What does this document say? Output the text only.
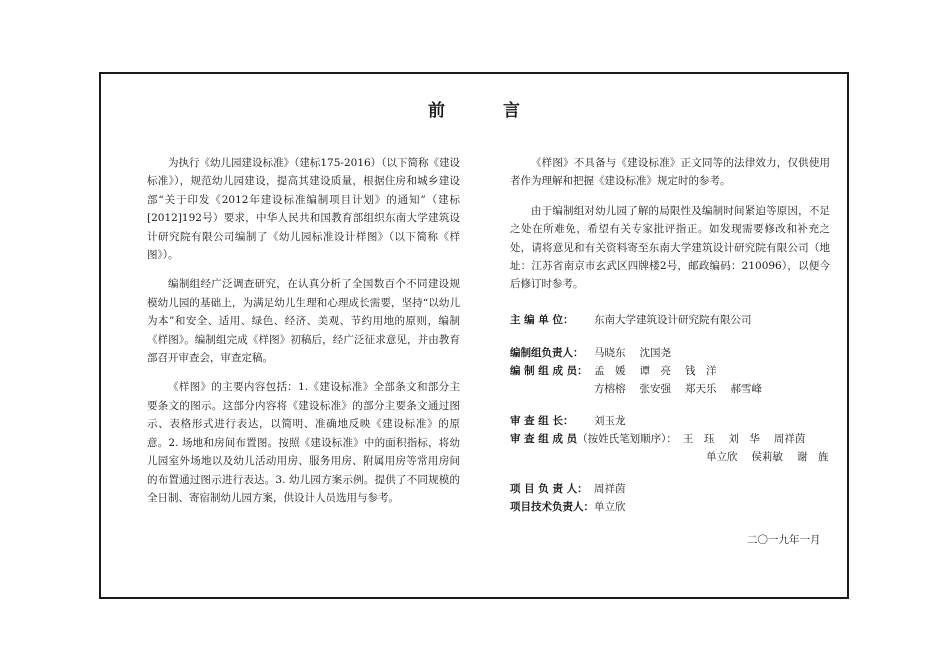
前 言

为执行《幼儿园建设标准》（建标175-2016）（以下简称《建设标准》），规范幼儿园建设，提高其建设质量，根据住房和城乡建设部“关于印发《2012年建设标准编制项目计划》的通知”（建标[2012]192号）要求，中华人民共和国教育部组织东南大学建筑设计研究院有限公司编制了《幼儿园标准设计样图》（以下简称《样图》）。

编制组经广泛调查研究，在认真分析了全国数百个不同建设规模幼儿园的基础上，为满足幼儿生理和心理成长需要，坚持“以幼儿为本”和安全、适用、绿色、经济、美观、节约用地的原则，编制《样图》。编制组完成《样图》初稿后，经广泛征求意见，并由教育部召开审查会，审查定稿。

《样图》的主要内容包括：1.《建设标准》全部条文和部分主要条文的图示。这部分内容将《建设标准》的部分主要条文通过图示、表格形式进行表达，以简明、准确地反映《建设标准》的原意。2. 场地和房间布置图。按照《建设标准》中的面积指标，将幼儿园室外场地以及幼儿活动用房、服务用房、附属用房等常用房间的布置通过图示进行表达。3. 幼儿园方案示例。提供了不同规模的全日制、寄宿制幼儿园方案，供设计人员选用与参考。

《样图》不具备与《建设标准》正文同等的法律效力，仅供使用者作为理解和把握《建设标准》规定时的参考。

由于编制组对幼儿园了解的局限性及编制时间紧迫等原因，不足之处在所难免，希望有关专家批评指正。如发现需要修改和补充之处，请将意见和有关资料寄至东南大学建筑设计研究院有限公司（地址：江苏省南京市玄武区四牌楼2号，邮政编码：210096），以便今后修订时参考。

主 编 单 位：	东南大学建筑设计研究院有限公司
编制组负责人：	马晓东 沈国尧
编 制 组 成 员： 孟　媛 谭　亮 钱　洋
方榕榕 张安强 郑天乐 郝雪峰
审 查 组 长：	刘玉龙
审 查 组 成 员 （按姓氏笔划顺序）： 王　珏 刘　华 周祥茵
单立欣 侯莉敏 谢　旌
项 目 负 责 人： 周祥茵
项目技术负责人： 单立欣
二〇一九年一月
